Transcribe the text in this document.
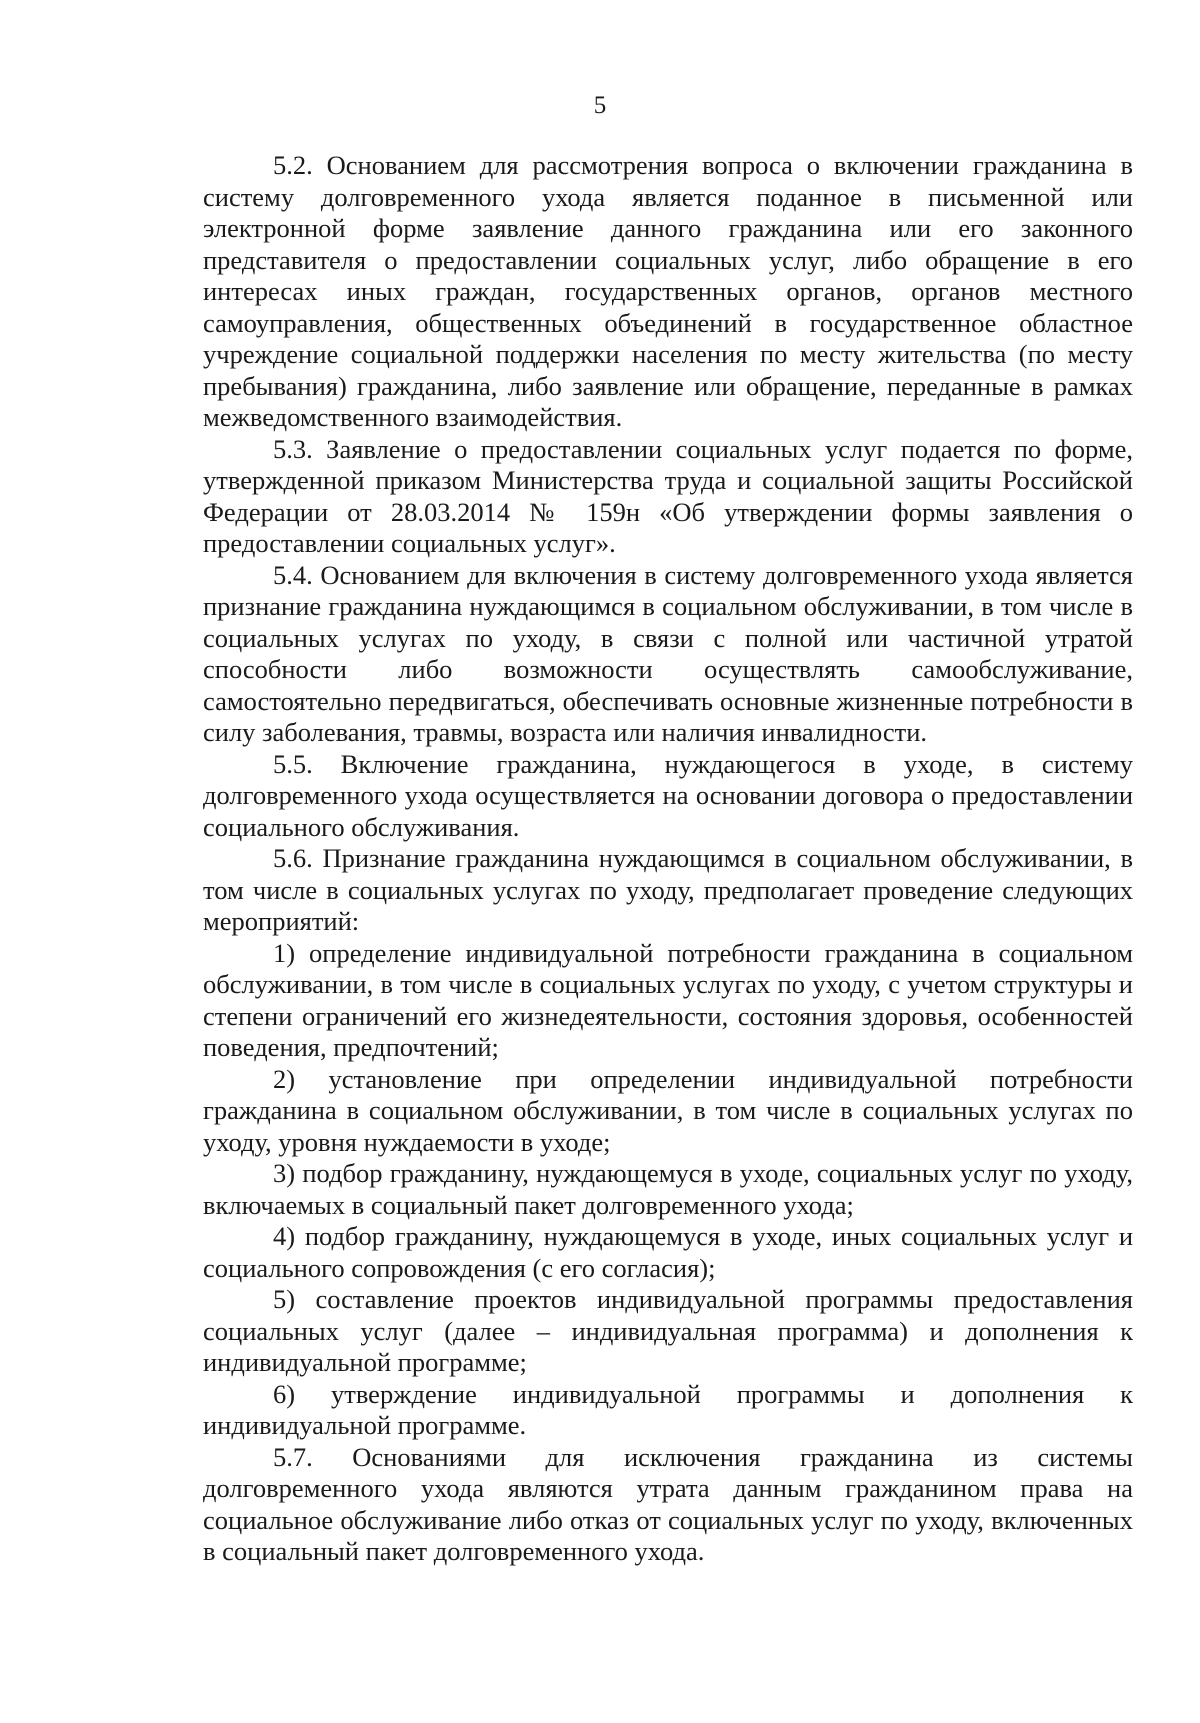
5

5.2. Основанием для рассмотрения вопроса о включении гражданина в систему долговременного ухода является поданное в письменной или электронной форме заявление данного гражданина или его законного представителя о предоставлении социальных услуг, либо обращение в его интересах иных граждан, государственных органов, органов местного самоуправления, общественных объединений в государственное областное учреждение социальной поддержки населения по месту жительства (по месту пребывания) гражданина, либо заявление или обращение, переданные в рамках межведомственного взаимодействия.

5.3. Заявление о предоставлении социальных услуг подается по форме, утвержденной приказом Министерства труда и социальной защиты Российской Федерации от 28.03.2014 № 159н «Об утверждении формы заявления о предоставлении социальных услуг».

5.4. Основанием для включения в систему долговременного ухода является признание гражданина нуждающимся в социальном обслуживании, в том числе в социальных услугах по уходу, в связи с полной или частичной утратой способности либо возможности осуществлять самообслуживание, самостоятельно передвигаться, обеспечивать основные жизненные потребности в силу заболевания, травмы, возраста или наличия инвалидности.

5.5. Включение гражданина, нуждающегося в уходе, в систему долговременного ухода осуществляется на основании договора о предоставлении социального обслуживания.

5.6. Признание гражданина нуждающимся в социальном обслуживании, в том числе в социальных услугах по уходу, предполагает проведение следующих мероприятий:

1) определение индивидуальной потребности гражданина в социальном обслуживании, в том числе в социальных услугах по уходу, с учетом структуры и степени ограничений его жизнедеятельности, состояния здоровья, особенностей поведения, предпочтений;

2) установление при определении индивидуальной потребности гражданина в социальном обслуживании, в том числе в социальных услугах по уходу, уровня нуждаемости в уходе;

3) подбор гражданину, нуждающемуся в уходе, социальных услуг по уходу, включаемых в социальный пакет долговременного ухода;

4) подбор гражданину, нуждающемуся в уходе, иных социальных услуг и социального сопровождения (с его согласия);

5) составление проектов индивидуальной программы предоставления социальных услуг (далее – индивидуальная программа) и дополнения к индивидуальной программе;

6) утверждение индивидуальной программы и дополнения к индивидуальной программе.

5.7. Основаниями для исключения гражданина из системы долговременного ухода являются утрата данным гражданином права на социальное обслуживание либо отказ от социальных услуг по уходу, включенных в социальный пакет долговременного ухода.
